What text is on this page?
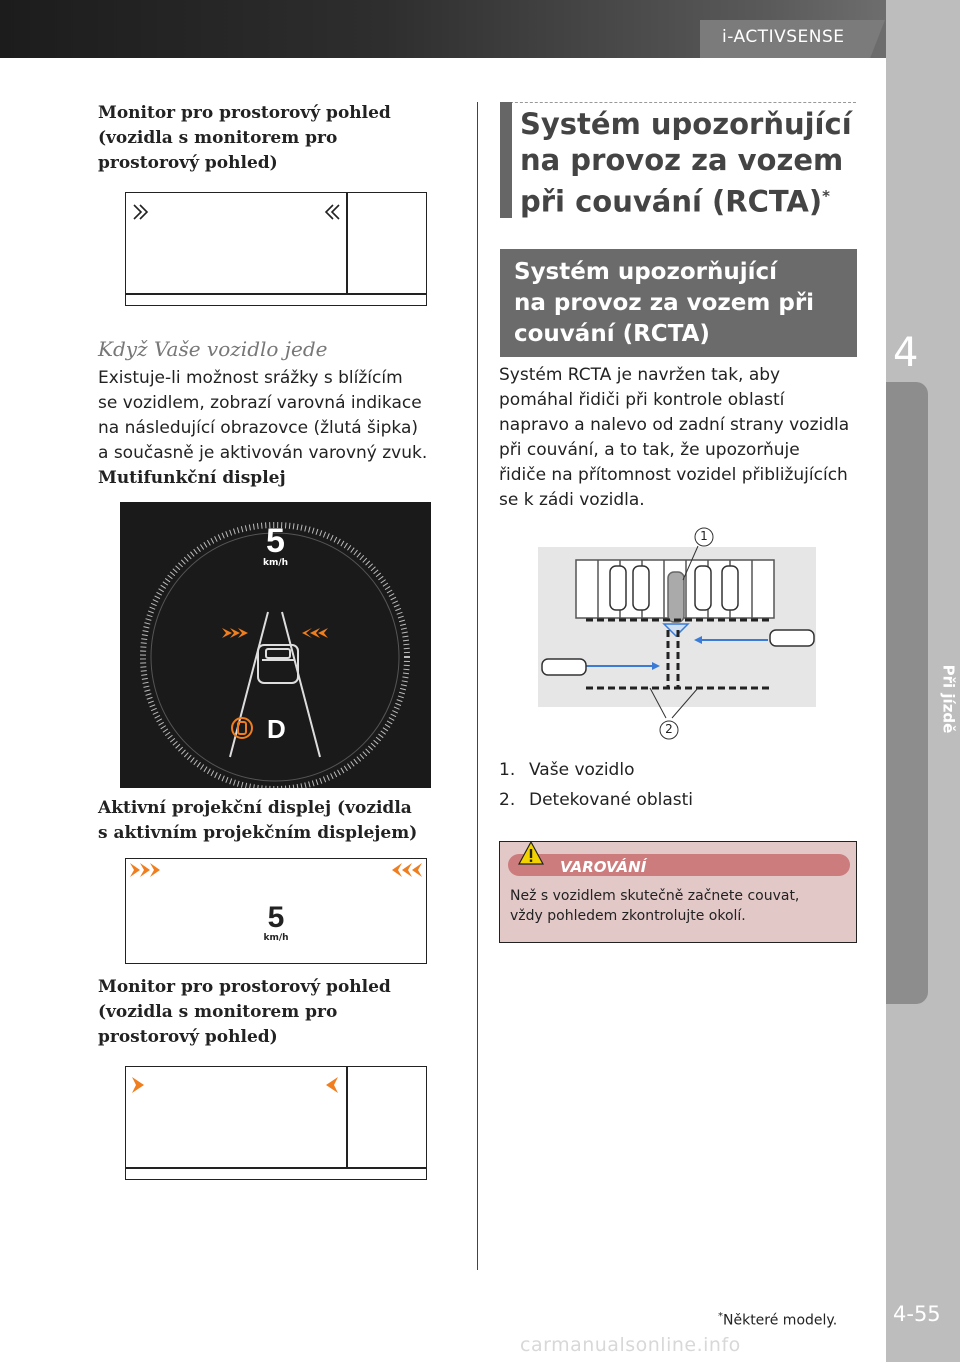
i-ACTIVSENSE
4
Při jízdě
4-55
Monitor pro prostorový pohled
(vozidla s monitorem pro
prostorový pohled)
Když Vaše vozidlo jede
Existuje-li možnost srážky s blížícím
se vozidlem, zobrazí varovná indikace
na následující obrazovce (žlutá šipka)
a současně je aktivován varovný zvuk.
Mutifunkční displej
5
km/h
D
Aktivní projekční displej (vozidla
s aktivním projekčním displejem)
5
km/h
Monitor pro prostorový pohled
(vozidla s monitorem pro
prostorový pohled)
Systém upozorňující
na provoz za vozem
při couvání (RCTA)*
Systém upozorňující
na provoz za vozem při
couvání (RCTA)
Systém RCTA je navržen tak, aby
pomáhal řidiči při kontrole oblastí
napravo a nalevo od zadní strany vozidla
při couvání, a to tak, že upozorňuje
řidiče na přítomnost vozidel přibližujících
se k zádi vozidla.
1
2
1. Vaše vozidlo
2. Detekované oblasti
VAROVÁNÍ
Než s vozidlem skutečně začnete couvat,
vždy pohledem zkontrolujte okolí.
*Některé modely.
carmanualsonline.info
